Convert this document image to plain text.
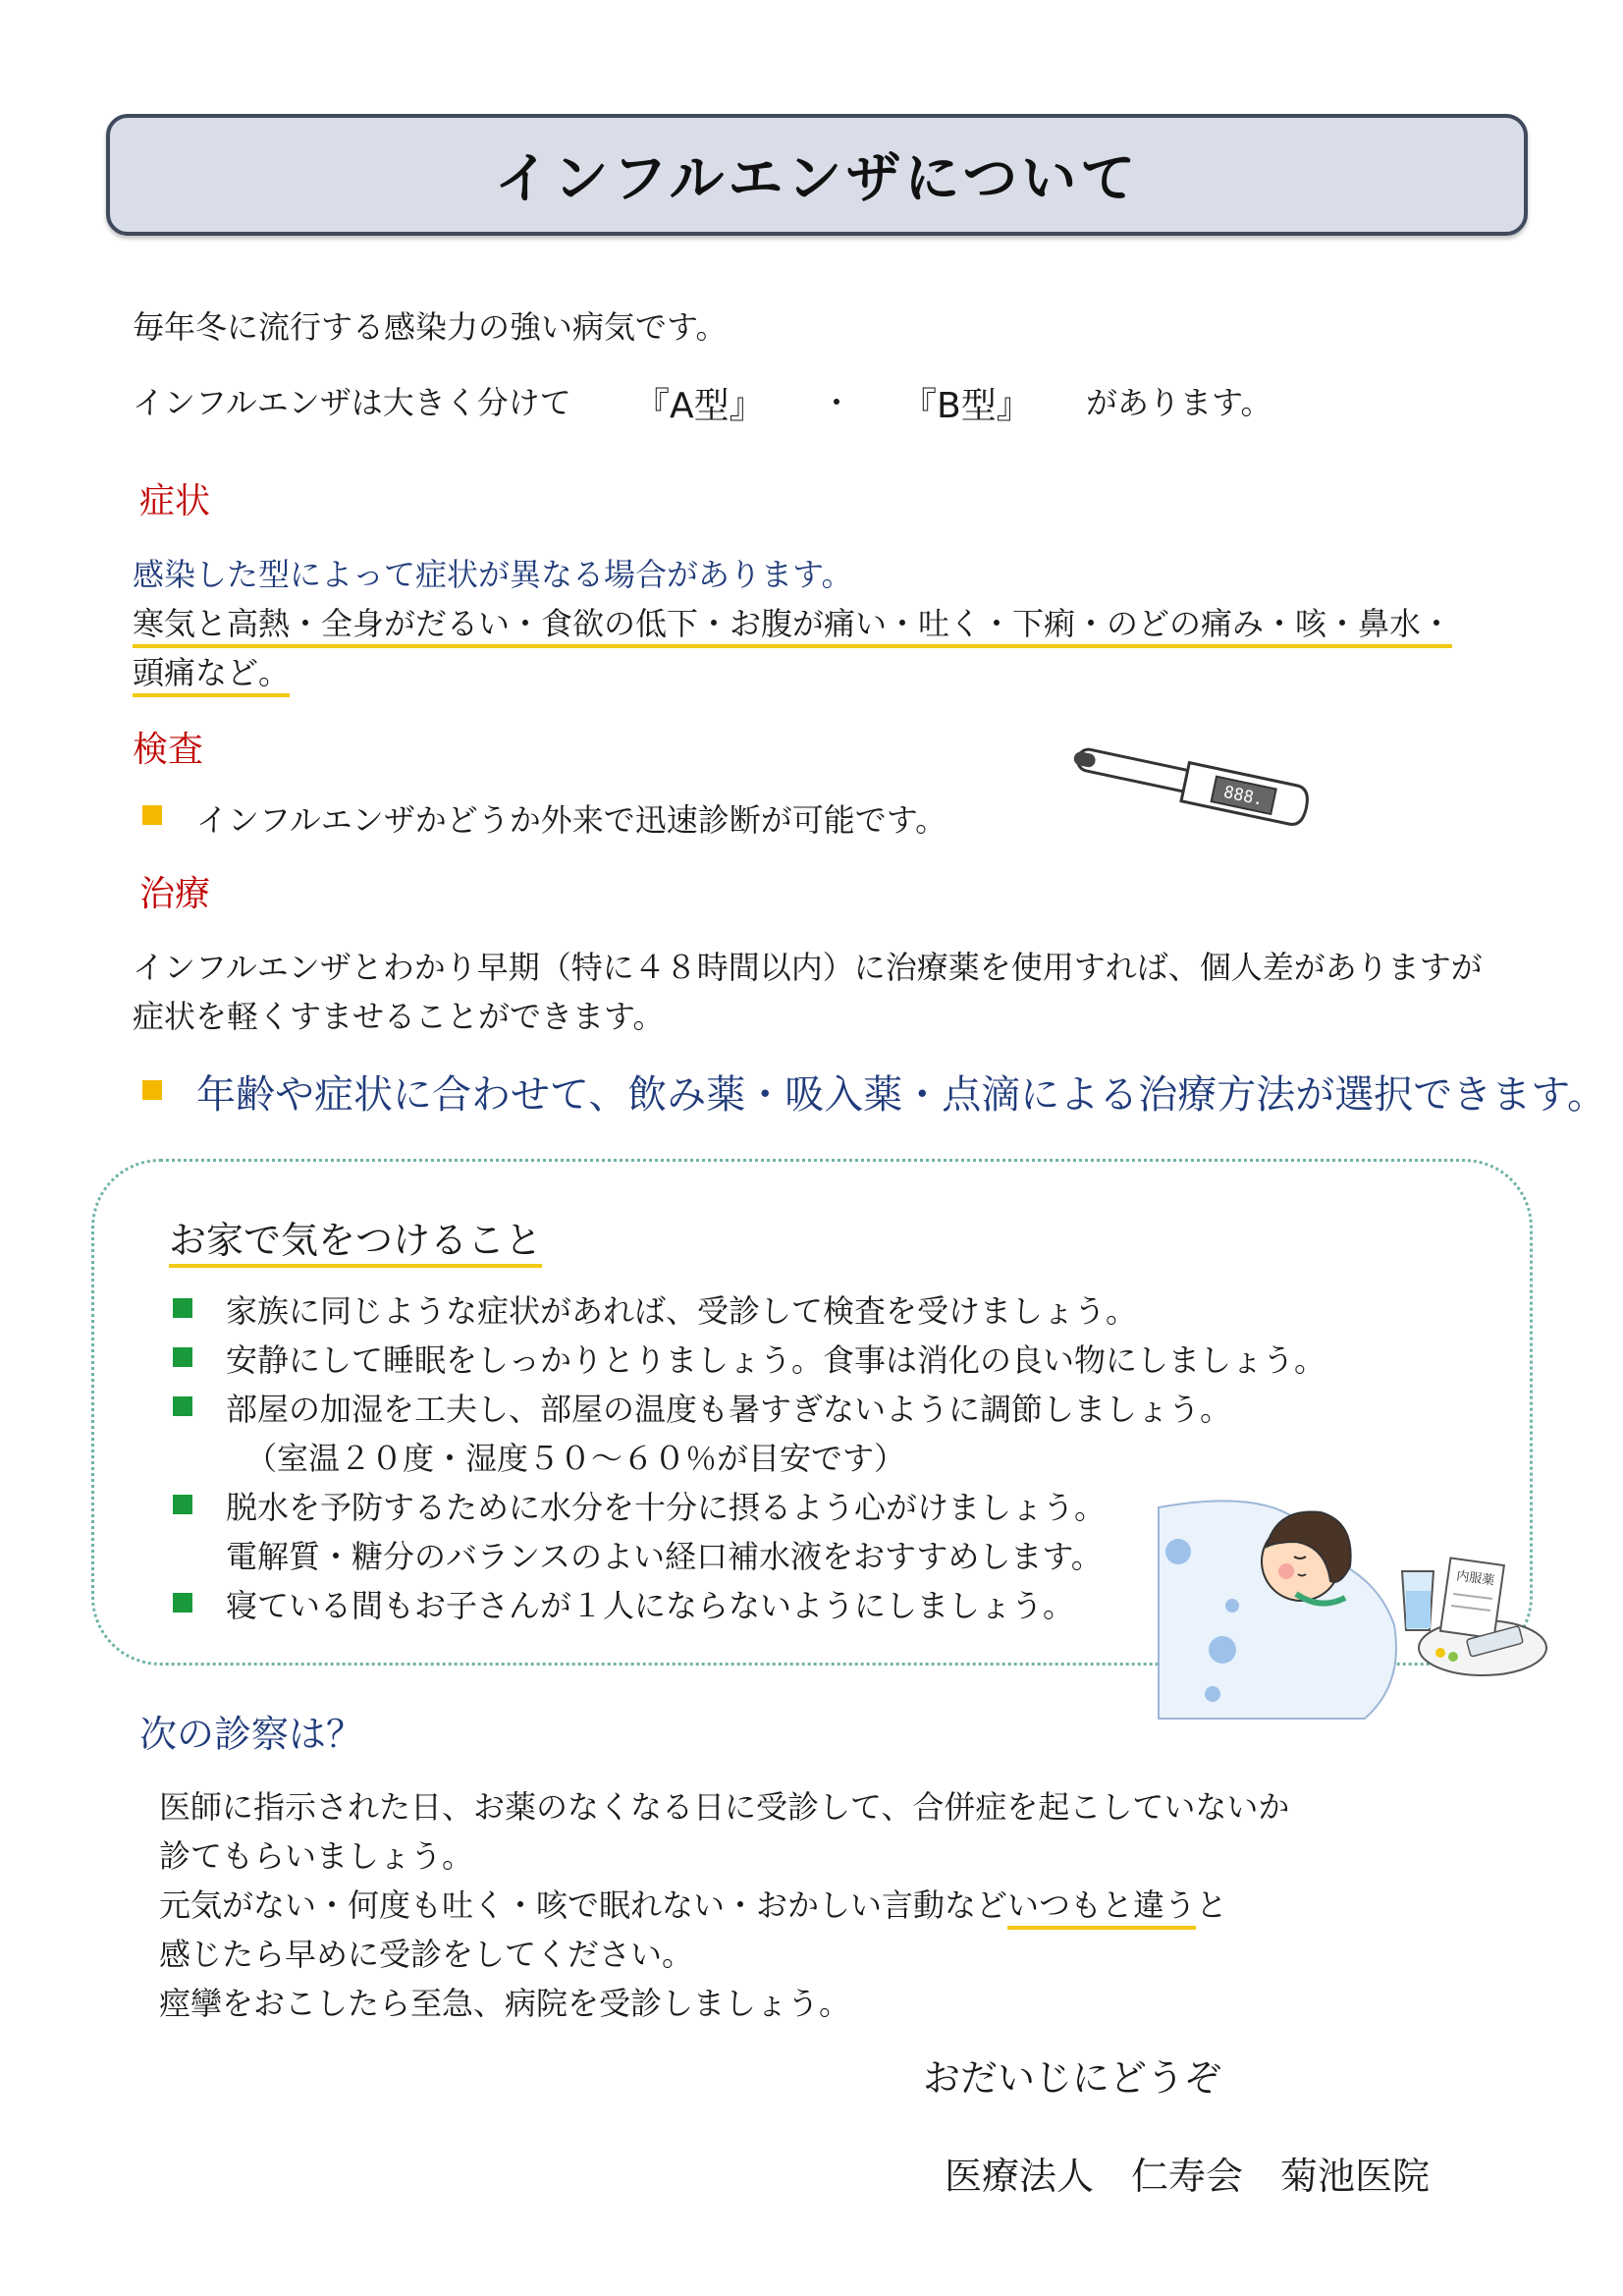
インフルエンザについて
毎年冬に流行する感染力の強い病気です。
インフルエンザは大きく分けて 『A型』 ・ 『B型』 があります。
症状
感染した型によって症状が異なる場合があります。
寒気と高熱・全身がだるい・食欲の低下・お腹が痛い・吐く・下痢・のどの痛み・咳・鼻水・
頭痛など。
検査
インフルエンザかどうか外来で迅速診断が可能です。
888.
治療
インフルエンザとわかり早期（特に４８時間以内）に治療薬を使用すれば、個人差がありますが
症状を軽くすませることができます。
年齢や症状に合わせて、飲み薬・吸入薬・点滴による治療方法が選択できます。
お家で気をつけること
家族に同じような症状があれば、受診して検査を受けましょう。
安静にして睡眠をしっかりとりましょう。食事は消化の良い物にしましょう。
部屋の加湿を工夫し、部屋の温度も暑すぎないように調節しましょう。
（室温２０度・湿度５０～６０％が目安です）
脱水を予防するために水分を十分に摂るよう心がけましょう。
電解質・糖分のバランスのよい経口補水液をおすすめします。
寝ている間もお子さんが１人にならないようにしましょう。
内服薬
次の診察は？
医師に指示された日、お薬のなくなる日に受診して、合併症を起こしていないか
診てもらいましょう。
元気がない・何度も吐く・咳で眠れない・おかしい言動などいつもと違うと
感じたら早めに受診をしてください。
痙攣をおこしたら至急、病院を受診しましょう。
おだいじにどうぞ
医療法人　仁寿会　菊池医院
